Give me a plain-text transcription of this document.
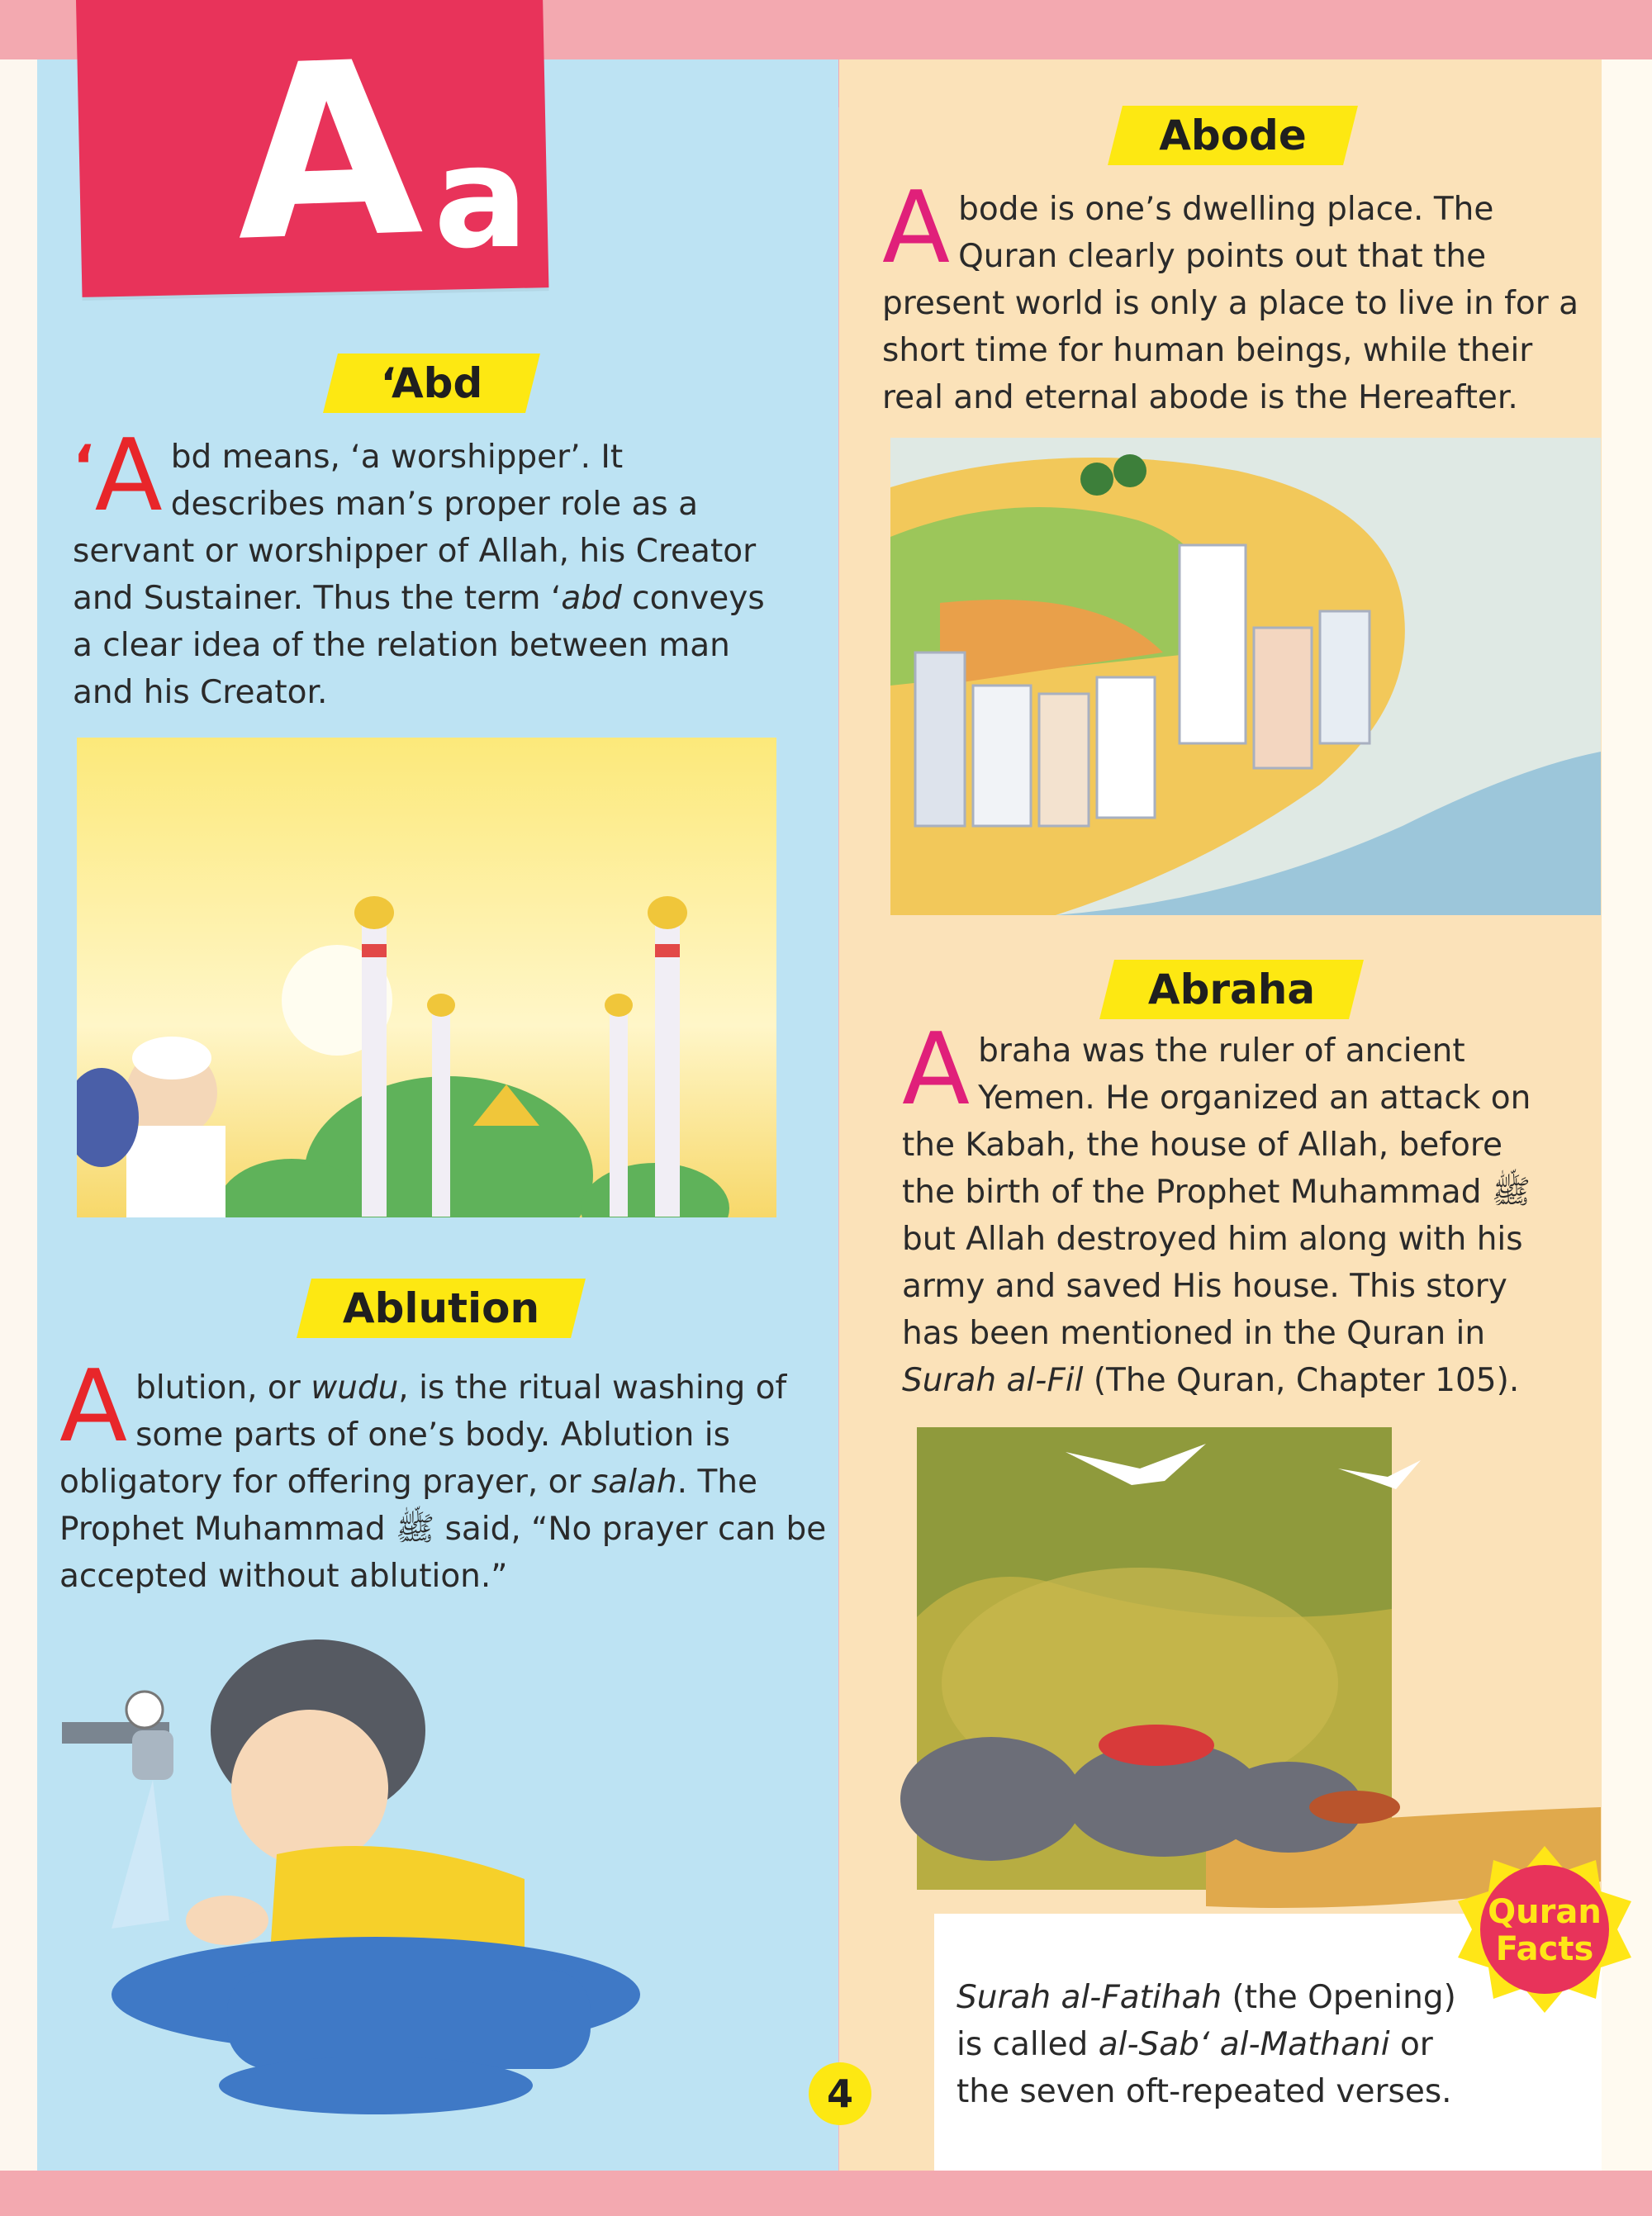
A a
‘Abd

‘ A bd means, ‘a worshipper’. It describes man’s proper role as a servant or worshipper of Allah, his Creator and Sustainer. Thus the term ‘abd conveys a clear idea of the relation between man and his Creator.

Ablution

Ablution, or wudu, is the ritual washing of some parts of one’s body. Ablution is obligatory for offering prayer, or salah. The Prophet Muhammad ﷺ said, “No prayer can be accepted without ablution.”

Abode

Abode is one’s dwelling place. The Quran clearly points out that the present world is only a place to live in for a short time for human beings, while their real and eternal abode is the Hereafter.

Abraha

Abraha was the ruler of ancient Yemen. He organized an attack on the Kabah, the house of Allah, before the birth of the Prophet Muhammad ﷺ but Allah destroyed him along with his army and saved His house. This story has been mentioned in the Quran in Surah al-Fil (The Quran, Chapter 105).

Surah al-Fatihah (the Opening) is called al-Sab‘ al-Mathani or the seven oft-repeated verses.

Quran
Facts
4
